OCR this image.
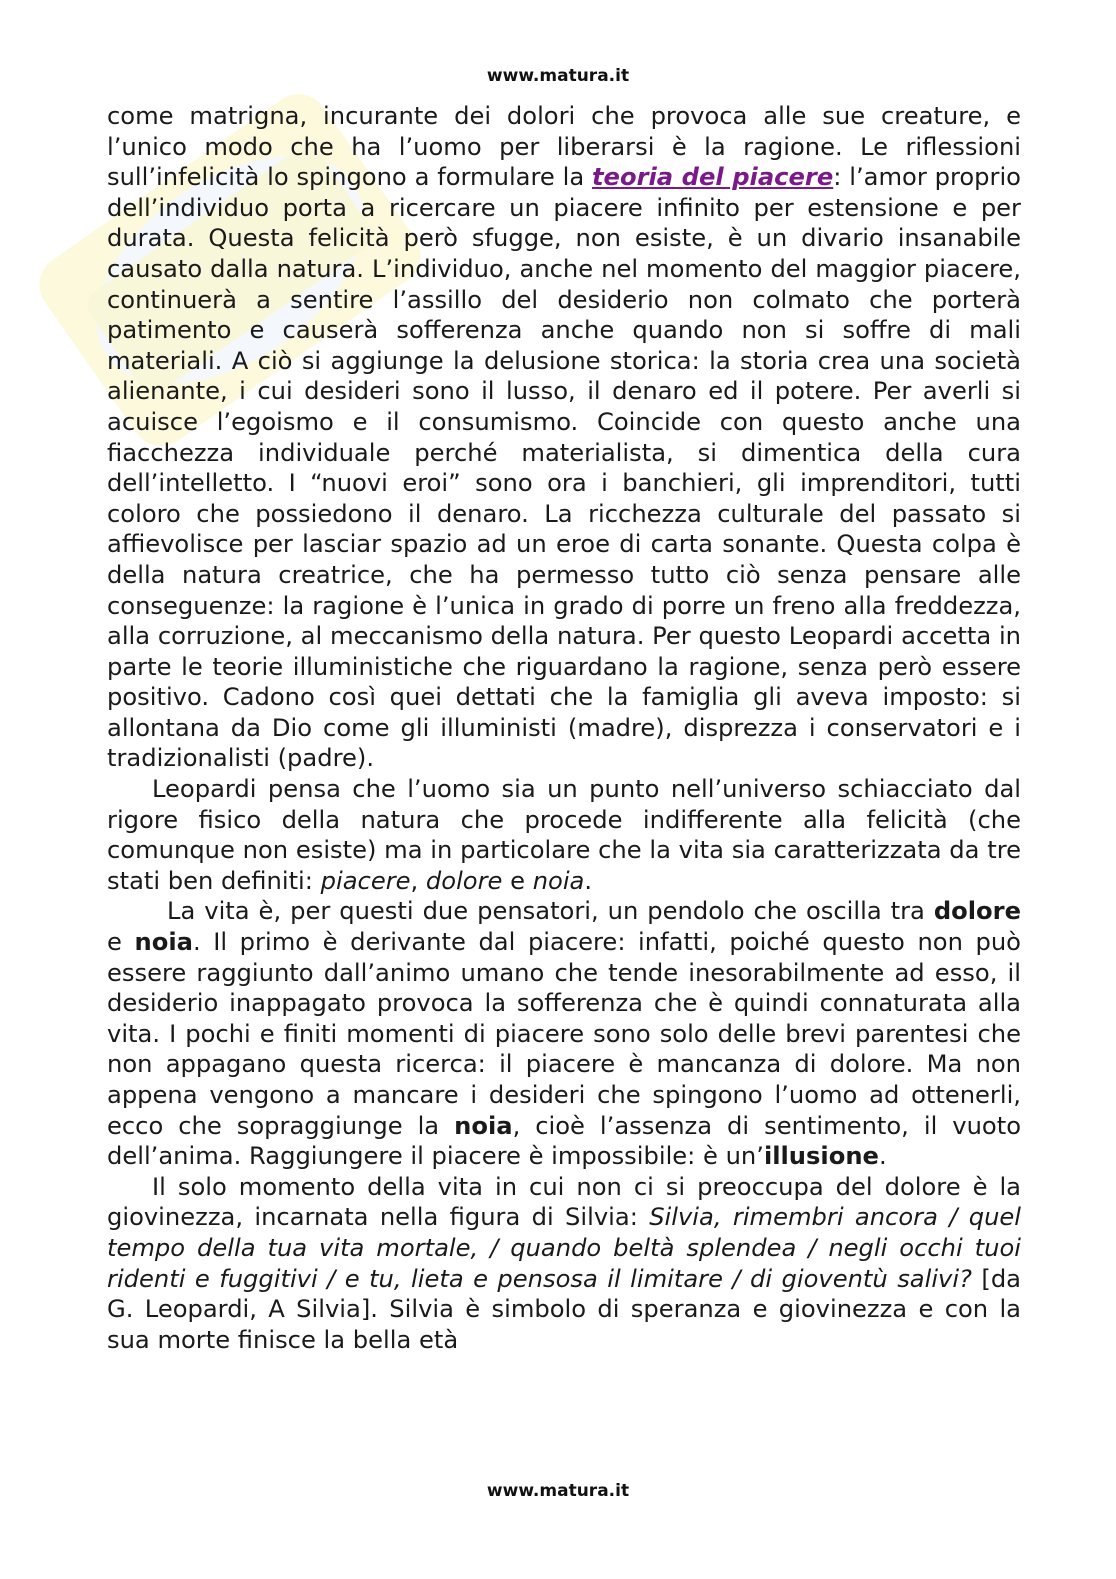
www.matura.it

come matrigna, incurante dei dolori che provoca alle sue creature, e l’unico modo che ha l’uomo per liberarsi è la ragione. Le riflessioni sull’infelicità lo spingono a formulare la teoria del piacere: l’amor proprio dell’individuo porta a ricercare un piacere infinito per estensione e per durata. Questa felicità però sfugge, non esiste, è un divario insanabile causato dalla natura. L’individuo, anche nel momento del maggior piacere, continuerà a sentire l’assillo del desiderio non colmato che porterà patimento e causerà sofferenza anche quando non si soffre di mali materiali. A ciò si aggiunge la delusione storica: la storia crea una società alienante, i cui desideri sono il lusso, il denaro ed il potere. Per averli si acuisce l’egoismo e il consumismo. Coincide con questo anche una fiacchezza individuale perché materialista, si dimentica della cura dell’intelletto. I “nuovi eroi” sono ora i banchieri, gli imprenditori, tutti coloro che possiedono il denaro. La ricchezza culturale del passato si affievolisce per lasciar spazio ad un eroe di carta sonante. Questa colpa è della natura creatrice, che ha permesso tutto ciò senza pensare alle conseguenze: la ragione è l’unica in grado di porre un freno alla freddezza, alla corruzione, al meccanismo della natura. Per questo Leopardi accetta in parte le teorie illuministiche che riguardano la ragione, senza però essere positivo. Cadono così quei dettati che la famiglia gli aveva imposto: si allontana da Dio come gli illuministi (madre), disprezza i conservatori e i tradizionalisti (padre).

Leopardi pensa che l’uomo sia un punto nell’universo schiacciato dal rigore fisico della natura che procede indifferente alla felicità (che comunque non esiste) ma in particolare che la vita sia caratterizzata da tre stati ben definiti: piacere, dolore e noia.

La vita è, per questi due pensatori, un pendolo che oscilla tra dolore e noia. Il primo è derivante dal piacere: infatti, poiché questo non può essere raggiunto dall’animo umano che tende inesorabilmente ad esso, il desiderio inappagato provoca la sofferenza che è quindi connaturata alla vita. I pochi e finiti momenti di piacere sono solo delle brevi parentesi che non appagano questa ricerca: il piacere è mancanza di dolore. Ma non appena vengono a mancare i desideri che spingono l’uomo ad ottenerli, ecco che sopraggiunge la noia, cioè l’assenza di sentimento, il vuoto dell’anima. Raggiungere il piacere è impossibile: è un’illusione.

Il solo momento della vita in cui non ci si preoccupa del dolore è la giovinezza, incarnata nella figura di Silvia: Silvia, rimembri ancora / quel tempo della tua vita mortale, / quando beltà splendea / negli occhi tuoi ridenti e fuggitivi / e tu, lieta e pensosa il limitare / di gioventù salivi? [da G. Leopardi, A Silvia]. Silvia è simbolo di speranza e giovinezza e con la sua morte finisce la bella età

www.matura.it
